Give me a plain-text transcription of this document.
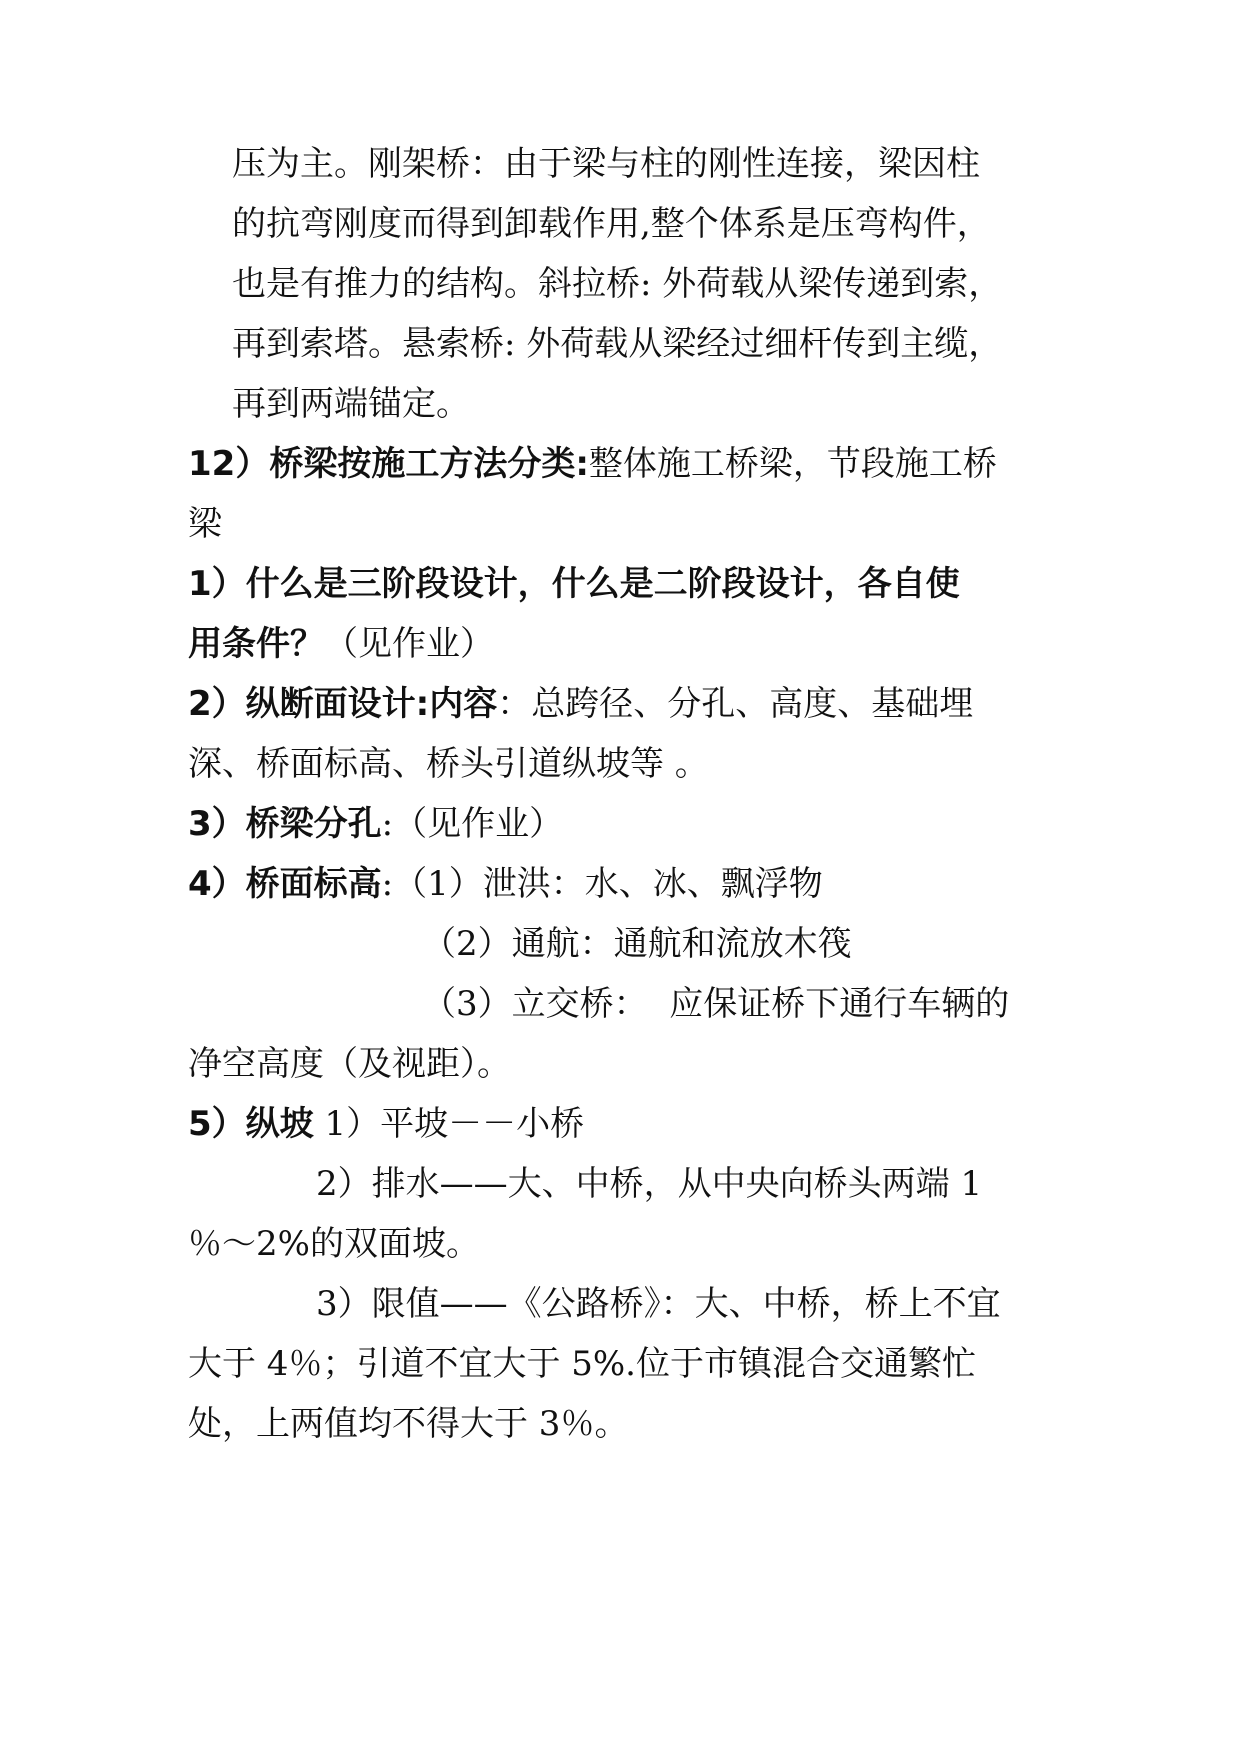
压为主。刚架桥：由于梁与柱的刚性连接，梁因柱
的抗弯刚度而得到卸载作用,整个体系是压弯构件，
也是有推力的结构。斜拉桥: 外荷载从梁传递到索，
再到索塔。悬索桥: 外荷载从梁经过细杆传到主缆，
再到两端锚定。
12）桥梁按施工方法分类:整体施工桥梁，节段施工桥
梁
1）什么是三阶段设计，什么是二阶段设计，各自使
用条件？（见作业）
2）纵断面设计:内容：总跨径、分孔、高度、基础埋
深、桥面标高、桥头引道纵坡等 。
3）桥梁分孔:（见作业）
4）桥面标高:（1）泄洪：水、冰、飘浮物
（2）通航：通航和流放木筏
（3）立交桥：  应保证桥下通行车辆的
净空高度（及视距）。
5）纵坡 1）平坡－－小桥
2）排水——大、中桥，从中央向桥头两端 1
％～2%的双面坡。
3）限值——《公路桥》：大、中桥，桥上不宜
大于 4％；引道不宜大于 5%.位于市镇混合交通繁忙
处，上两值均不得大于 3％。
